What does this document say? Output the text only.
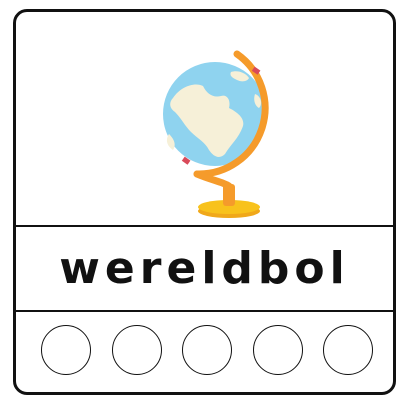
wereldbol
